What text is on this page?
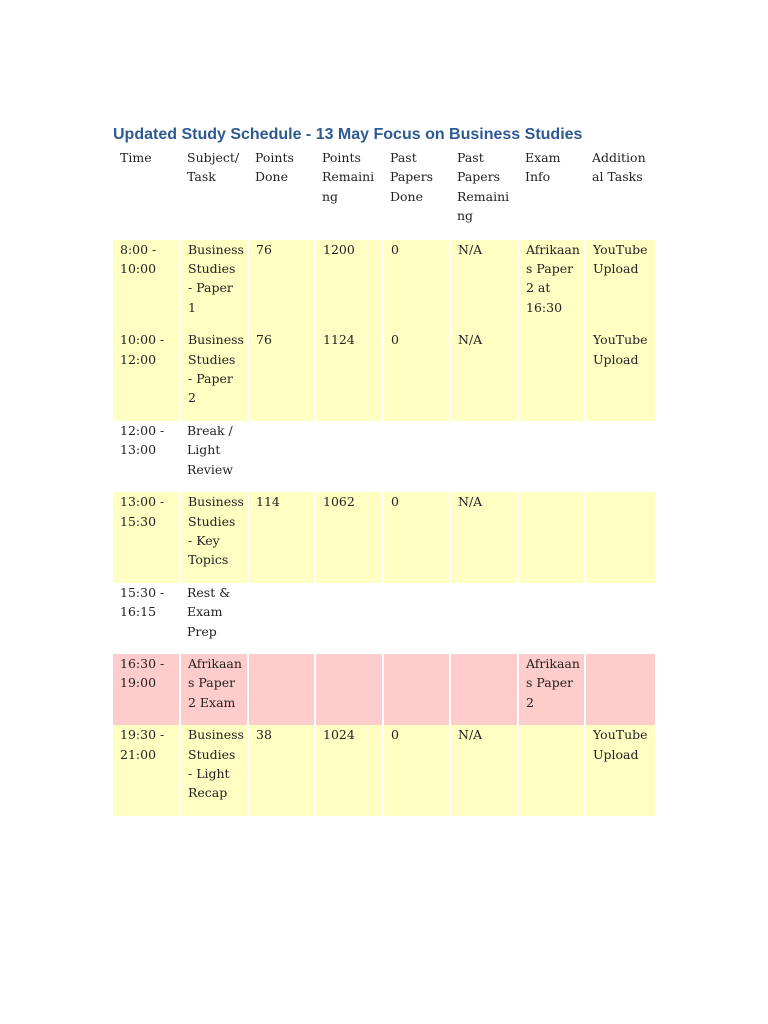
Updated Study Schedule - 13 May Focus on Business Studies
Time	Subject/ Task	Points Done	Points Remaini ng	Past Papers Done	Past Papers Remaini ng	Exam Info	Addition al Tasks
8:00 - 10:00	Business Studies - Paper 1	76	1200	0	N/A	Afrikaan s Paper 2 at 16:30	YouTube Upload
10:00 - 12:00	Business Studies - Paper 2	76	1124	0	N/A		YouTube Upload
12:00 - 13:00	Break / Light Review						
13:00 - 15:30	Business Studies - Key Topics	114	1062	0	N/A		
15:30 - 16:15	Rest & Exam Prep						
16:30 - 19:00	Afrikaan s Paper 2 Exam					Afrikaan s Paper 2	
19:30 - 21:00	Business Studies - Light Recap	38	1024	0	N/A		YouTube Upload
